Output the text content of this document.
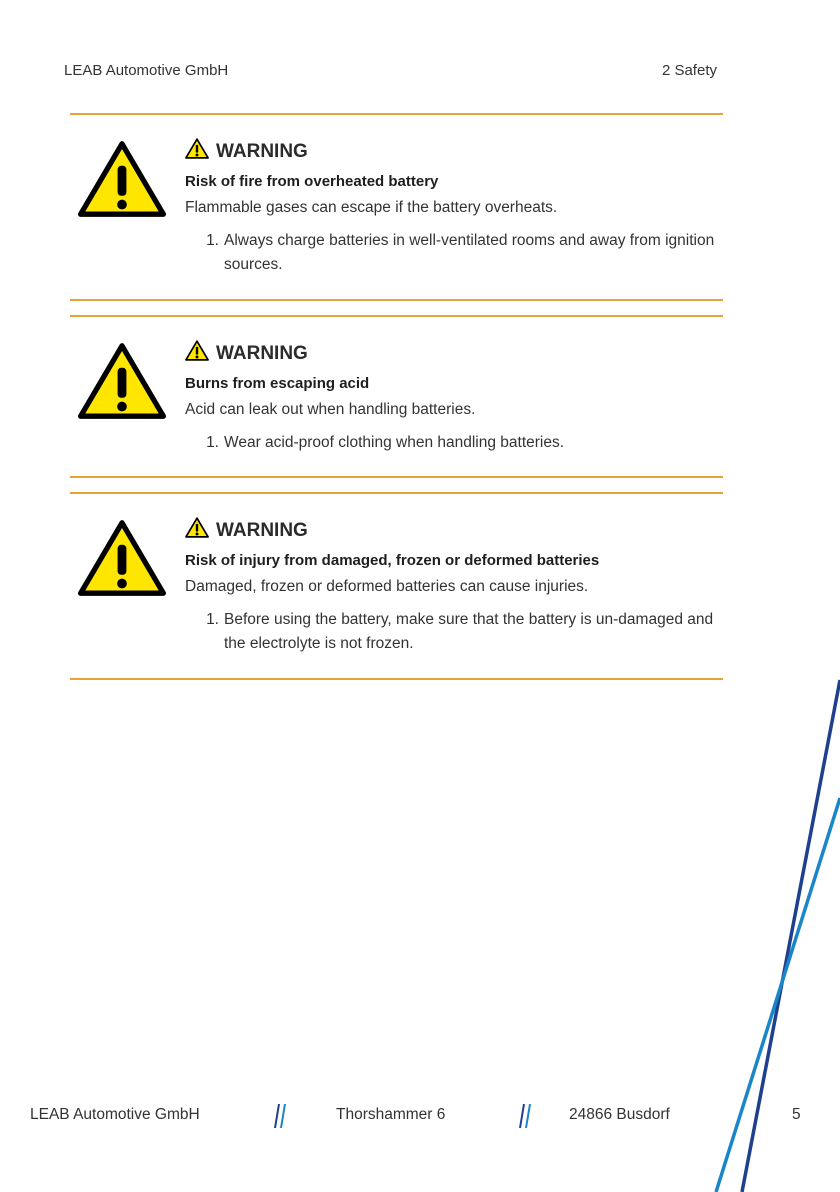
LEAB Automotive GmbH	2 Safety
WARNING
Risk of fire from overheated battery
Flammable gases can escape if the battery overheats.
1. Always charge batteries in well-ventilated rooms and away from ignition sources.
WARNING
Burns from escaping acid
Acid can leak out when handling batteries.
1. Wear acid-proof clothing when handling batteries.
WARNING
Risk of injury from damaged, frozen or deformed batteries
Damaged, frozen or deformed batteries can cause injuries.
1. Before using the battery, make sure that the battery is un-damaged and the electrolyte is not frozen.
LEAB Automotive GmbH	Thorshammer 6	24866 Busdorf	5
